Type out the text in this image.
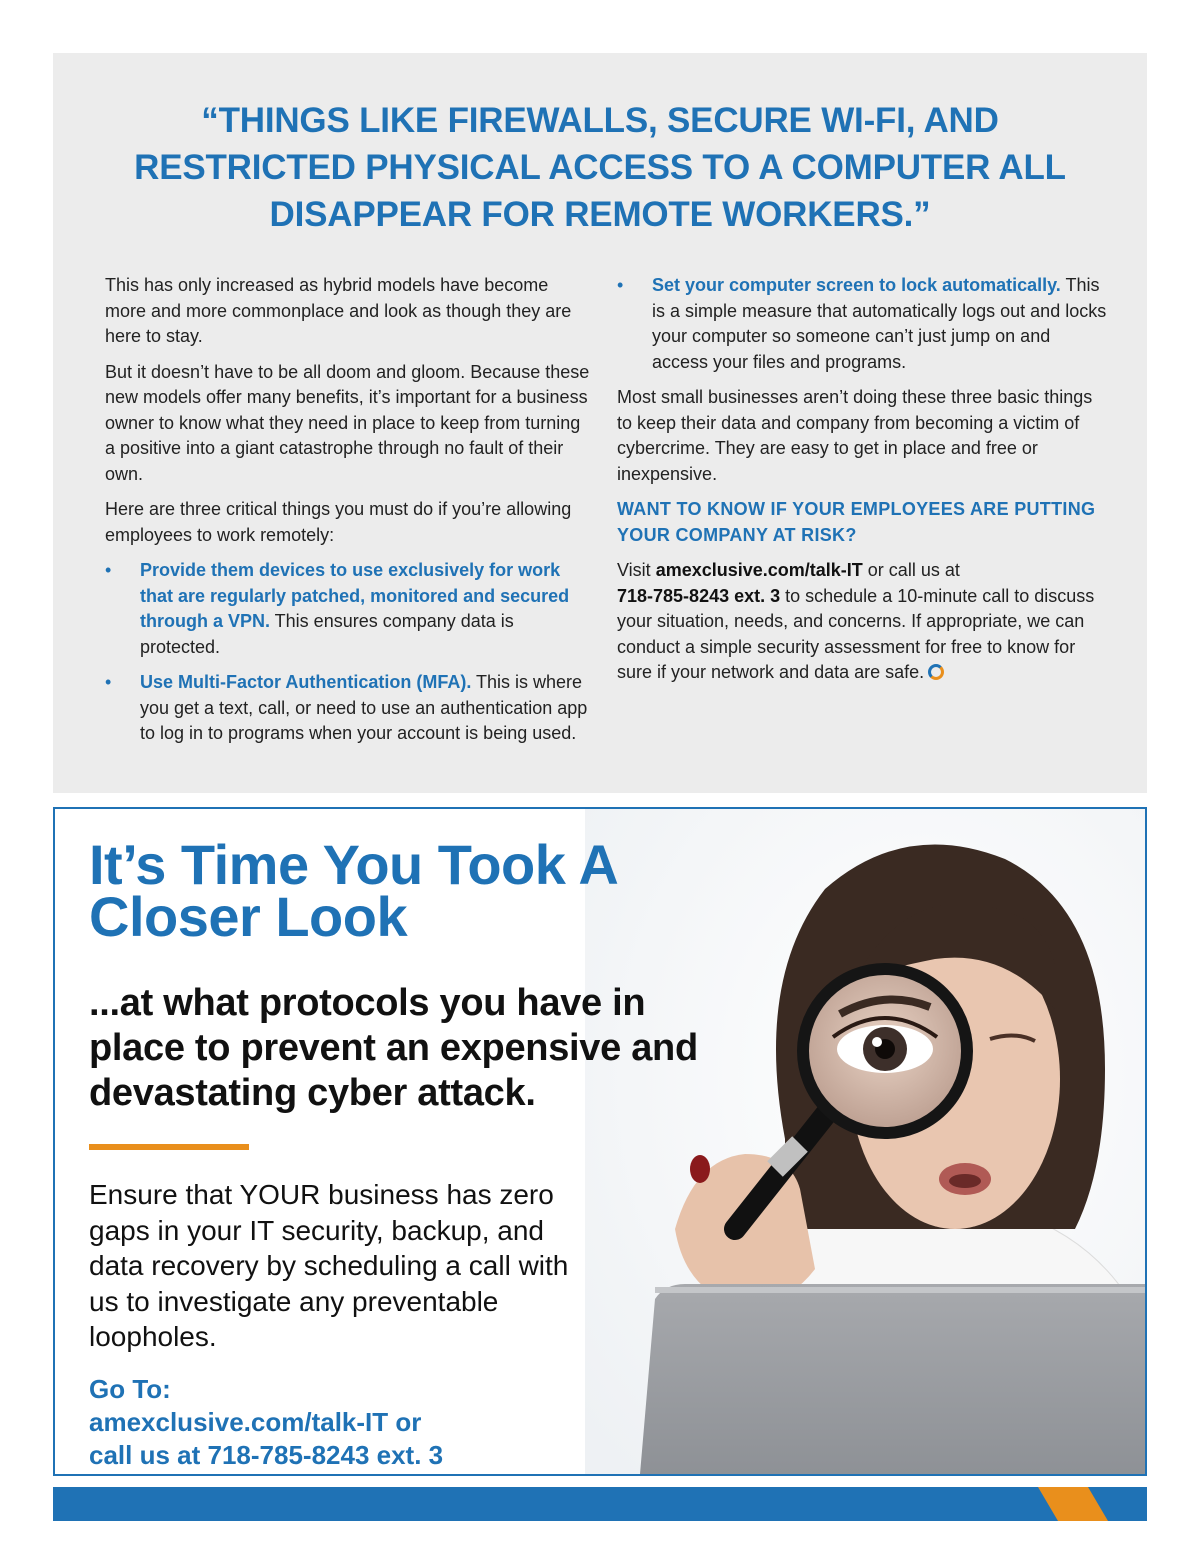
“THINGS LIKE FIREWALLS, SECURE WI-FI, AND
RESTRICTED PHYSICAL ACCESS TO A COMPUTER ALL
DISAPPEAR FOR REMOTE WORKERS.”

This has only increased as hybrid models have become more and more commonplace and look as though they are here to stay.

But it doesn’t have to be all doom and gloom. Because these new models offer many benefits, it’s important for a business owner to know what they need in place to keep from turning a positive into a giant catastrophe through no fault of their own.

Here are three critical things you must do if you’re allowing employees to work remotely:

• Provide them devices to use exclusively for work that are regularly patched, monitored and secured through a VPN. This ensures company data is protected.
• Use Multi-Factor Authentication (MFA). This is where you get a text, call, or need to use an authentication app to log in to programs when your account is being used.
• Set your computer screen to lock automatically. This is a simple measure that automatically logs out and locks your computer so someone can’t just jump on and access your files and programs.

Most small businesses aren’t doing these three basic things to keep their data and company from becoming a victim of cybercrime. They are easy to get in place and free or inexpensive.

WANT TO KNOW IF YOUR EMPLOYEES ARE PUTTING YOUR COMPANY AT RISK?

Visit amexclusive.com/talk-IT or call us at
718-785-8243 ext. 3 to schedule a 10-minute call to discuss your situation, needs, and concerns. If appropriate, we can conduct a simple security assessment for free to know for sure if your network and data are safe.

It’s Time You Took A
Closer Look
...at what protocols you have in place to prevent an expensive and devastating cyber attack.

Ensure that YOUR business has zero gaps in your IT security, backup, and data recovery by scheduling a call with us to investigate any preventable loopholes.

Go To:
amexclusive.com/talk-IT or
call us at 718-785-8243 ext. 3
